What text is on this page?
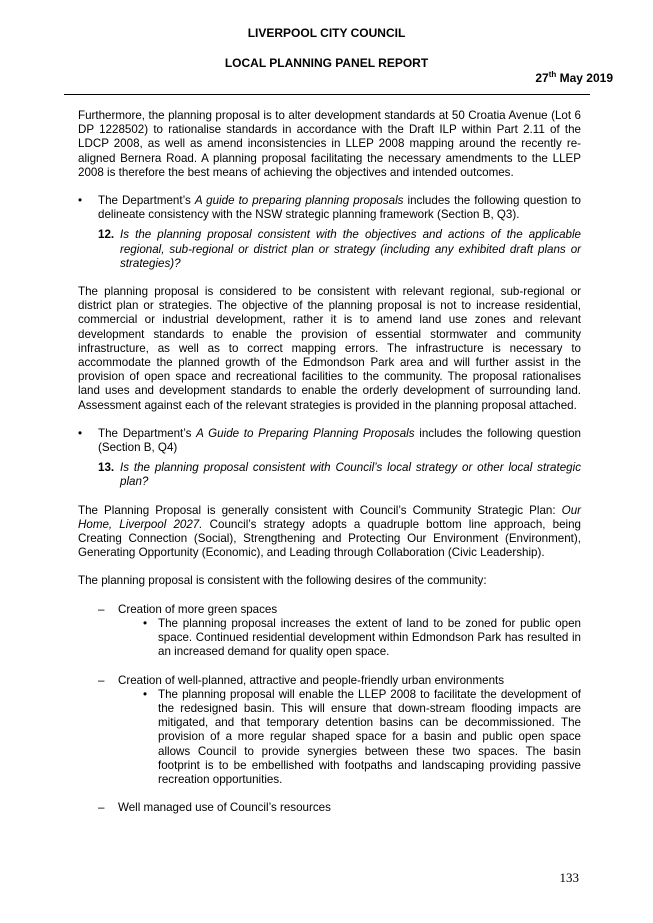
LIVERPOOL CITY COUNCIL
LOCAL PLANNING PANEL REPORT
27th May 2019

Furthermore, the planning proposal is to alter development standards at 50 Croatia Avenue (Lot 6 DP 1228502) to rationalise standards in accordance with the Draft ILP within Part 2.11 of the LDCP 2008, as well as amend inconsistencies in LLEP 2008 mapping around the recently re-aligned Bernera Road. A planning proposal facilitating the necessary amendments to the LLEP 2008 is therefore the best means of achieving the objectives and intended outcomes.

• The Department’s A guide to preparing planning proposals includes the following question to delineate consistency with the NSW strategic planning framework (Section B, Q3).

12. Is the planning proposal consistent with the objectives and actions of the applicable regional, sub-regional or district plan or strategy (including any exhibited draft plans or strategies)?

The planning proposal is considered to be consistent with relevant regional, sub-regional or district plan or strategies. The objective of the planning proposal is not to increase residential, commercial or industrial development, rather it is to amend land use zones and relevant development standards to enable the provision of essential stormwater and community infrastructure, as well as to correct mapping errors. The infrastructure is necessary to accommodate the planned growth of the Edmondson Park area and will further assist in the provision of open space and recreational facilities to the community. The proposal rationalises land uses and development standards to enable the orderly development of surrounding land. Assessment against each of the relevant strategies is provided in the planning proposal attached.

• The Department’s A Guide to Preparing Planning Proposals includes the following question (Section B, Q4)

13. Is the planning proposal consistent with Council’s local strategy or other local strategic plan?

The Planning Proposal is generally consistent with Council’s Community Strategic Plan: Our Home, Liverpool 2027. Council’s strategy adopts a quadruple bottom line approach, being Creating Connection (Social), Strengthening and Protecting Our Environment (Environment), Generating Opportunity (Economic), and Leading through Collaboration (Civic Leadership).

The planning proposal is consistent with the following desires of the community:

– Creation of more green spaces

• The planning proposal increases the extent of land to be zoned for public open space. Continued residential development within Edmondson Park has resulted in an increased demand for quality open space.

– Creation of well-planned, attractive and people-friendly urban environments

• The planning proposal will enable the LLEP 2008 to facilitate the development of the redesigned basin. This will ensure that down-stream flooding impacts are mitigated, and that temporary detention basins can be decommissioned. The provision of a more regular shaped space for a basin and public open space allows Council to provide synergies between these two spaces. The basin footprint is to be embellished with footpaths and landscaping providing passive recreation opportunities.

– Well managed use of Council’s resources

133
